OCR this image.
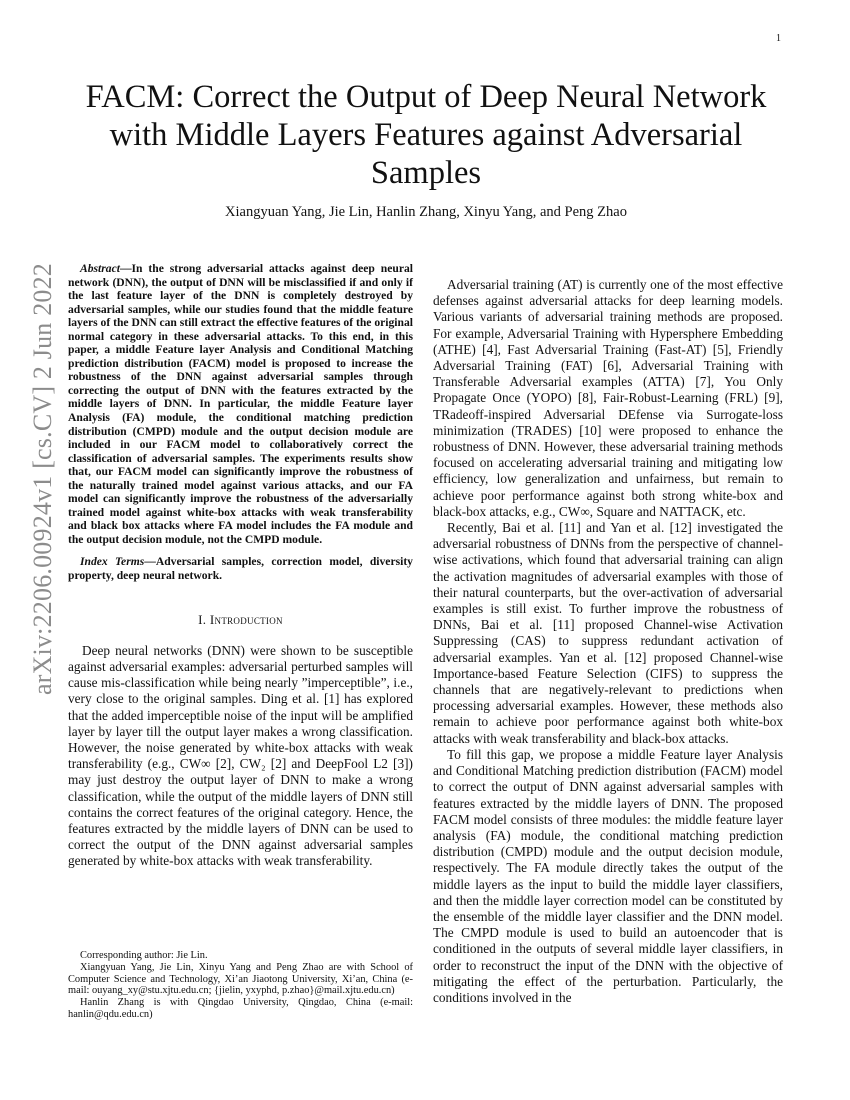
1
arXiv:2206.00924v1 [cs.CV] 2 Jun 2022
FACM: Correct the Output of Deep Neural Network
with Middle Layers Features against Adversarial
Samples
Xiangyuan Yang, Jie Lin, Hanlin Zhang, Xinyu Yang, and Peng Zhao

Abstract—In the strong adversarial attacks against deep neural network (DNN), the output of DNN will be misclassified if and only if the last feature layer of the DNN is completely destroyed by adversarial samples, while our studies found that the middle feature layers of the DNN can still extract the effective features of the original normal category in these adversarial attacks. To this end, in this paper, a middle Feature layer Analysis and Conditional Matching prediction distribution (FACM) model is proposed to increase the robustness of the DNN against adversarial samples through correcting the output of DNN with the features extracted by the middle layers of DNN. In particular, the middle Feature layer Analysis (FA) module, the conditional matching prediction distribution (CMPD) module and the output decision module are included in our FACM model to collaboratively correct the classification of adversarial samples. The experiments results show that, our FACM model can significantly improve the robustness of the naturally trained model against various attacks, and our FA model can significantly improve the robustness of the adversarially trained model against white-box attacks with weak transferability and black box attacks where FA model includes the FA module and the output decision module, not the CMPD module.

Index Terms—Adversarial samples, correction model, diversity property, deep neural network.

I. Introduction

Deep neural networks (DNN) were shown to be susceptible against adversarial examples: adversarial perturbed samples will cause mis-classification while being nearly ”imperceptible”, i.e., very close to the original samples. Ding et al. [1] has explored that the added imperceptible noise of the input will be amplified layer by layer till the output layer makes a wrong classification. However, the noise generated by white-box attacks with weak transferability (e.g., CW∞ [2], CW₂ [2] and DeepFool L2 [3]) may just destroy the output layer of DNN to make a wrong classification, while the output of the middle layers of DNN still contains the correct features of the original category. Hence, the features extracted by the middle layers of DNN can be used to correct the output of the DNN against adversarial samples generated by white-box attacks with weak transferability.

Corresponding author: Jie Lin.

Xiangyuan Yang, Jie Lin, Xinyu Yang and Peng Zhao are with School of Computer Science and Technology, Xi’an Jiaotong University, Xi’an, China (e-mail: ouyang_xy@stu.xjtu.edu.cn; {jielin, yxyphd, p.zhao}@mail.xjtu.edu.cn)

Hanlin Zhang is with Qingdao University, Qingdao, China (e-mail: hanlin@qdu.edu.cn)

Adversarial training (AT) is currently one of the most effective defenses against adversarial attacks for deep learning models. Various variants of adversarial training methods are proposed. For example, Adversarial Training with Hypersphere Embedding (ATHE) [4], Fast Adversarial Training (Fast-AT) [5], Friendly Adversarial Training (FAT) [6], Adversarial Training with Transferable Adversarial examples (ATTA) [7], You Only Propagate Once (YOPO) [8], Fair-Robust-Learning (FRL) [9], TRadeoff-inspired Adversarial DEfense via Surrogate-loss minimization (TRADES) [10] were proposed to enhance the robustness of DNN. However, these adversarial training methods focused on accelerating adversarial training and mitigating low efficiency, low generalization and unfairness, but remain to achieve poor performance against both strong white-box and black-box attacks, e.g., CW∞, Square and NATTACK, etc.

Recently, Bai et al. [11] and Yan et al. [12] investigated the adversarial robustness of DNNs from the perspective of channel-wise activations, which found that adversarial training can align the activation magnitudes of adversarial examples with those of their natural counterparts, but the over-activation of adversarial examples is still exist. To further improve the robustness of DNNs, Bai et al. [11] proposed Channel-wise Activation Suppressing (CAS) to suppress redundant activation of adversarial examples. Yan et al. [12] proposed Channel-wise Importance-based Feature Selection (CIFS) to suppress the channels that are negatively-relevant to predictions when processing adversarial examples. However, these methods also remain to achieve poor performance against both white-box attacks with weak transferability and black-box attacks.

To fill this gap, we propose a middle Feature layer Analysis and Conditional Matching prediction distribution (FACM) model to correct the output of DNN against adversarial samples with features extracted by the middle layers of DNN. The proposed FACM model consists of three modules: the middle feature layer analysis (FA) module, the conditional matching prediction distribution (CMPD) module and the output decision module, respectively. The FA module directly takes the output of the middle layers as the input to build the middle layer classifiers, and then the middle layer correction model can be constituted by the ensemble of the middle layer classifier and the DNN model. The CMPD module is used to build an autoencoder that is conditioned in the outputs of several middle layer classifiers, in order to reconstruct the input of the DNN with the objective of mitigating the effect of the perturbation. Particularly, the conditions involved in the
